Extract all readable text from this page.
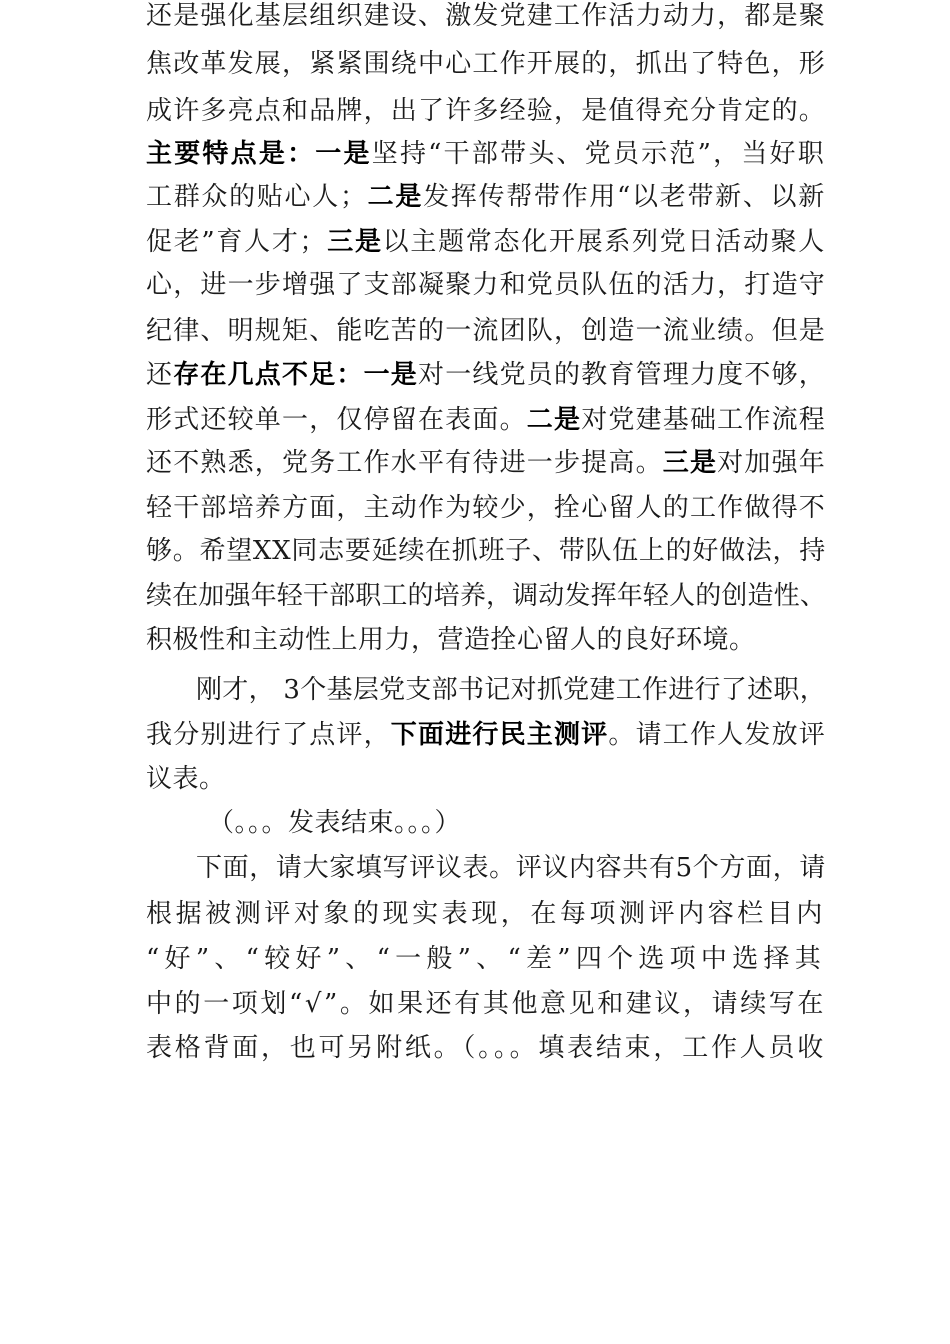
还是强化基层组织建设、激发党建工作活力动力，都是聚
焦改革发展，紧紧围绕中心工作开展的，抓出了特色，形
成许多亮点和品牌，出了许多经验，是值得充分肯定的。
主要特点是：一是坚持“干部带头、党员示范”，当好职
工群众的贴心人；二是发挥传帮带作用“以老带新、以新
促老”育人才；三是以主题常态化开展系列党日活动聚人
心，进一步增强了支部凝聚力和党员队伍的活力，打造守
纪律、明规矩、能吃苦的一流团队，创造一流业绩。但是
还存在几点不足：一是对一线党员的教育管理力度不够，
形式还较单一，仅停留在表面。二是对党建基础工作流程
还不熟悉，党务工作水平有待进一步提高。三是对加强年
轻干部培养方面，主动作为较少，拴心留人的工作做得不
够。希望XX同志要延续在抓班子、带队伍上的好做法，持
续在加强年轻干部职工的培养，调动发挥年轻人的创造性、
积极性和主动性上用力，营造拴心留人的良好环境。
刚才， 3个基层党支部书记对抓党建工作进行了述职，
我分别进行了点评，下面进行民主测评。请工作人发放评
议表。
（。。。发表结束。。。）
下面，请大家填写评议表。评议内容共有5个方面，请
根据被测评对象的现实表现，在每项测评内容栏目内
“好”、“较好”、“一般”、“差”四个选项中选择其
中的一项划“√”。如果还有其他意见和建议，请续写在
表格背面，也可另附纸。（。。。填表结束，工作人员收
